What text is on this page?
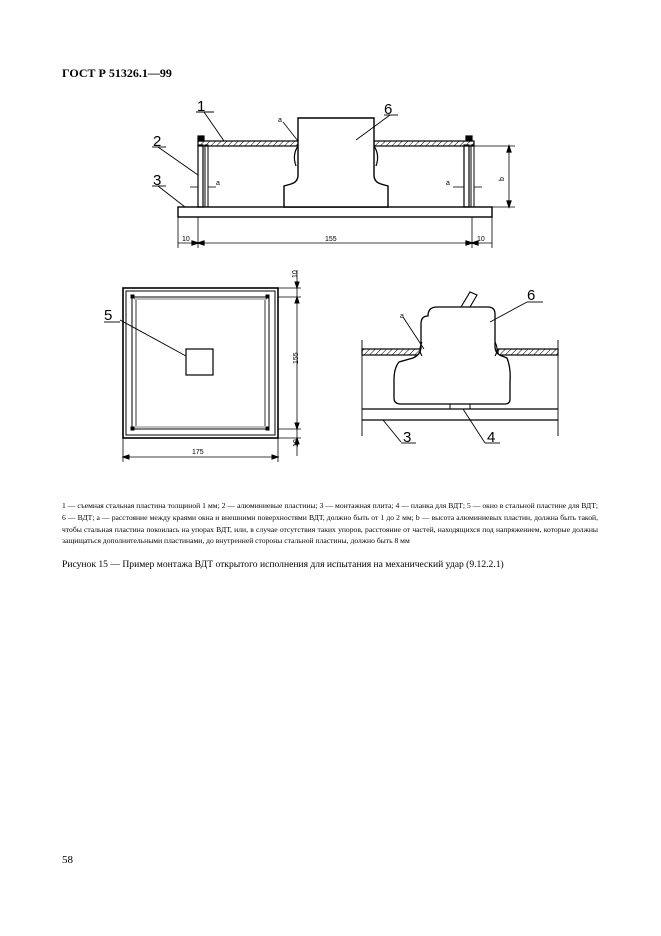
ГОСТ Р 51326.1—99
1
2
3
6
a
a	a
b
10	155	10
5
10
155
10
175
a
6
3	4
1 — съемная стальная пластина толщиной 1 мм; 2 — алюминиевые пластины; 3 — монтажная плита; 4 — планка для ВДТ; 5 — окно в стальной пластине для ВДТ; 6 — ВДТ; a — расстояние между краями окна и внешними поверхностями ВДТ, должно быть от 1 до 2 мм; b — высота алюминиевых пластин, должна быть такой, чтобы стальная пластина покоилась на упорах ВДТ, или, в случае отсутствия таких упоров, расстояние от частей, находящихся под напряжением, которые должны защищаться дополнительными пластинами, до внутренней стороны стальной пластины, должно быть 8 мм
Рисунок 15 — Пример монтажа ВДТ открытого исполнения для испытания на механический удар (9.12.2.1)
58
